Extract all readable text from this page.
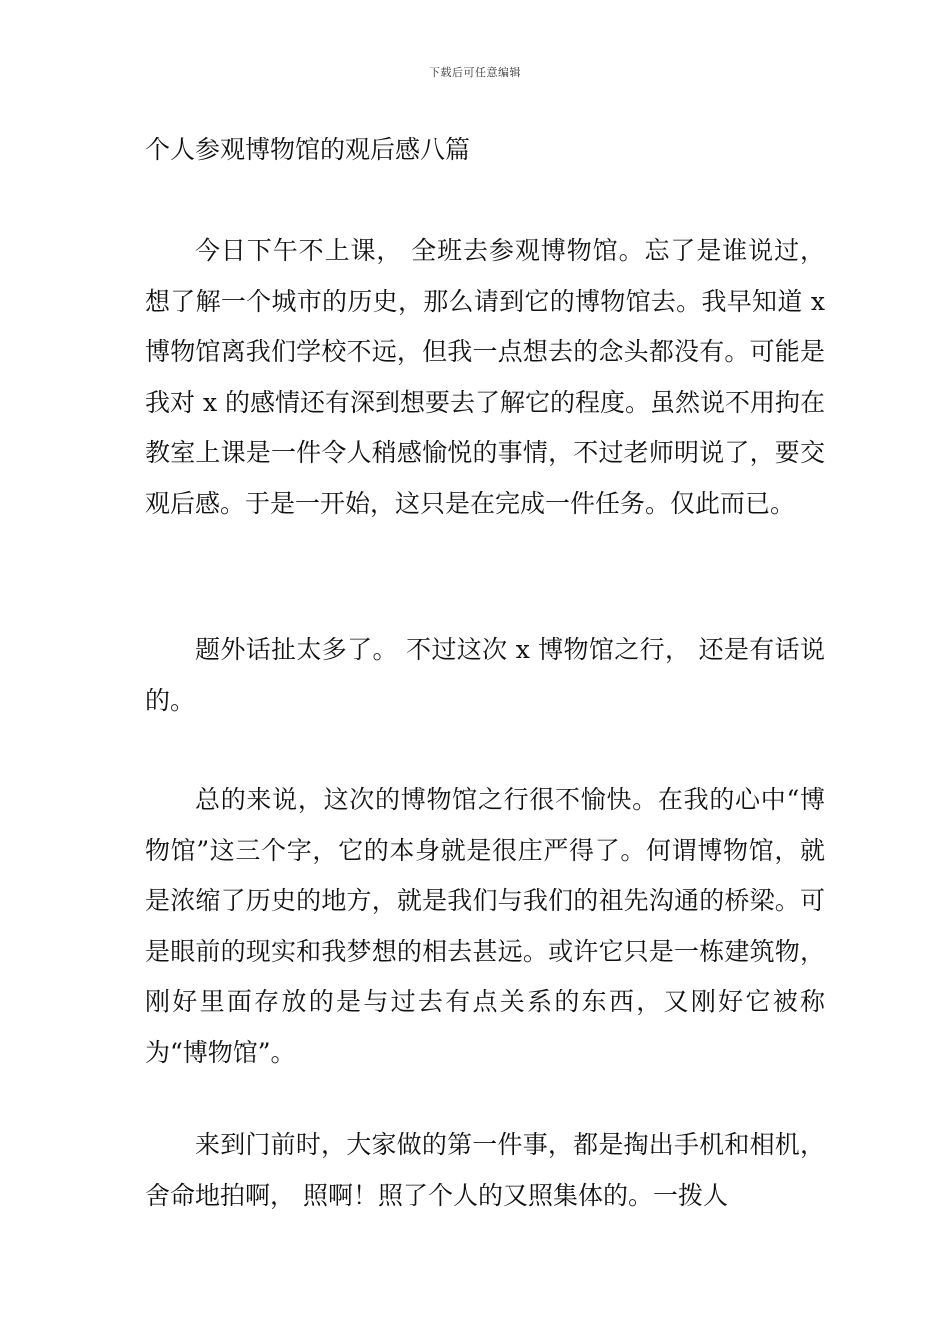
下载后可任意编辑
个人参观博物馆的观后感八篇

今日下午不上课， 全班去参观博物馆。忘了是谁说过，想了解一个城市的历史，那么请到它的博物馆去。我早知道 x 博物馆离我们学校不远，但我一点想去的念头都没有。可能是我对 x 的感情还有深到想要去了解它的程度。虽然说不用拘在教室上课是一件令人稍感愉悦的事情，不过老师明说了，要交观后感。于是一开始，这只是在完成一件任务。仅此而已。

题外话扯太多了。 不过这次 x 博物馆之行， 还是有话说的。

总的来说，这次的博物馆之行很不愉快。在我的心中“博物馆”这三个字，它的本身就是很庄严得了。何谓博物馆，就是浓缩了历史的地方，就是我们与我们的祖先沟通的桥梁。可是眼前的现实和我梦想的相去甚远。或许它只是一栋建筑物，刚好里面存放的是与过去有点关系的东西，又刚好它被称为“博物馆”。

来到门前时，大家做的第一件事，都是掏出手机和相机，舍命地拍啊， 照啊！照了个人的又照集体的。一拨人
